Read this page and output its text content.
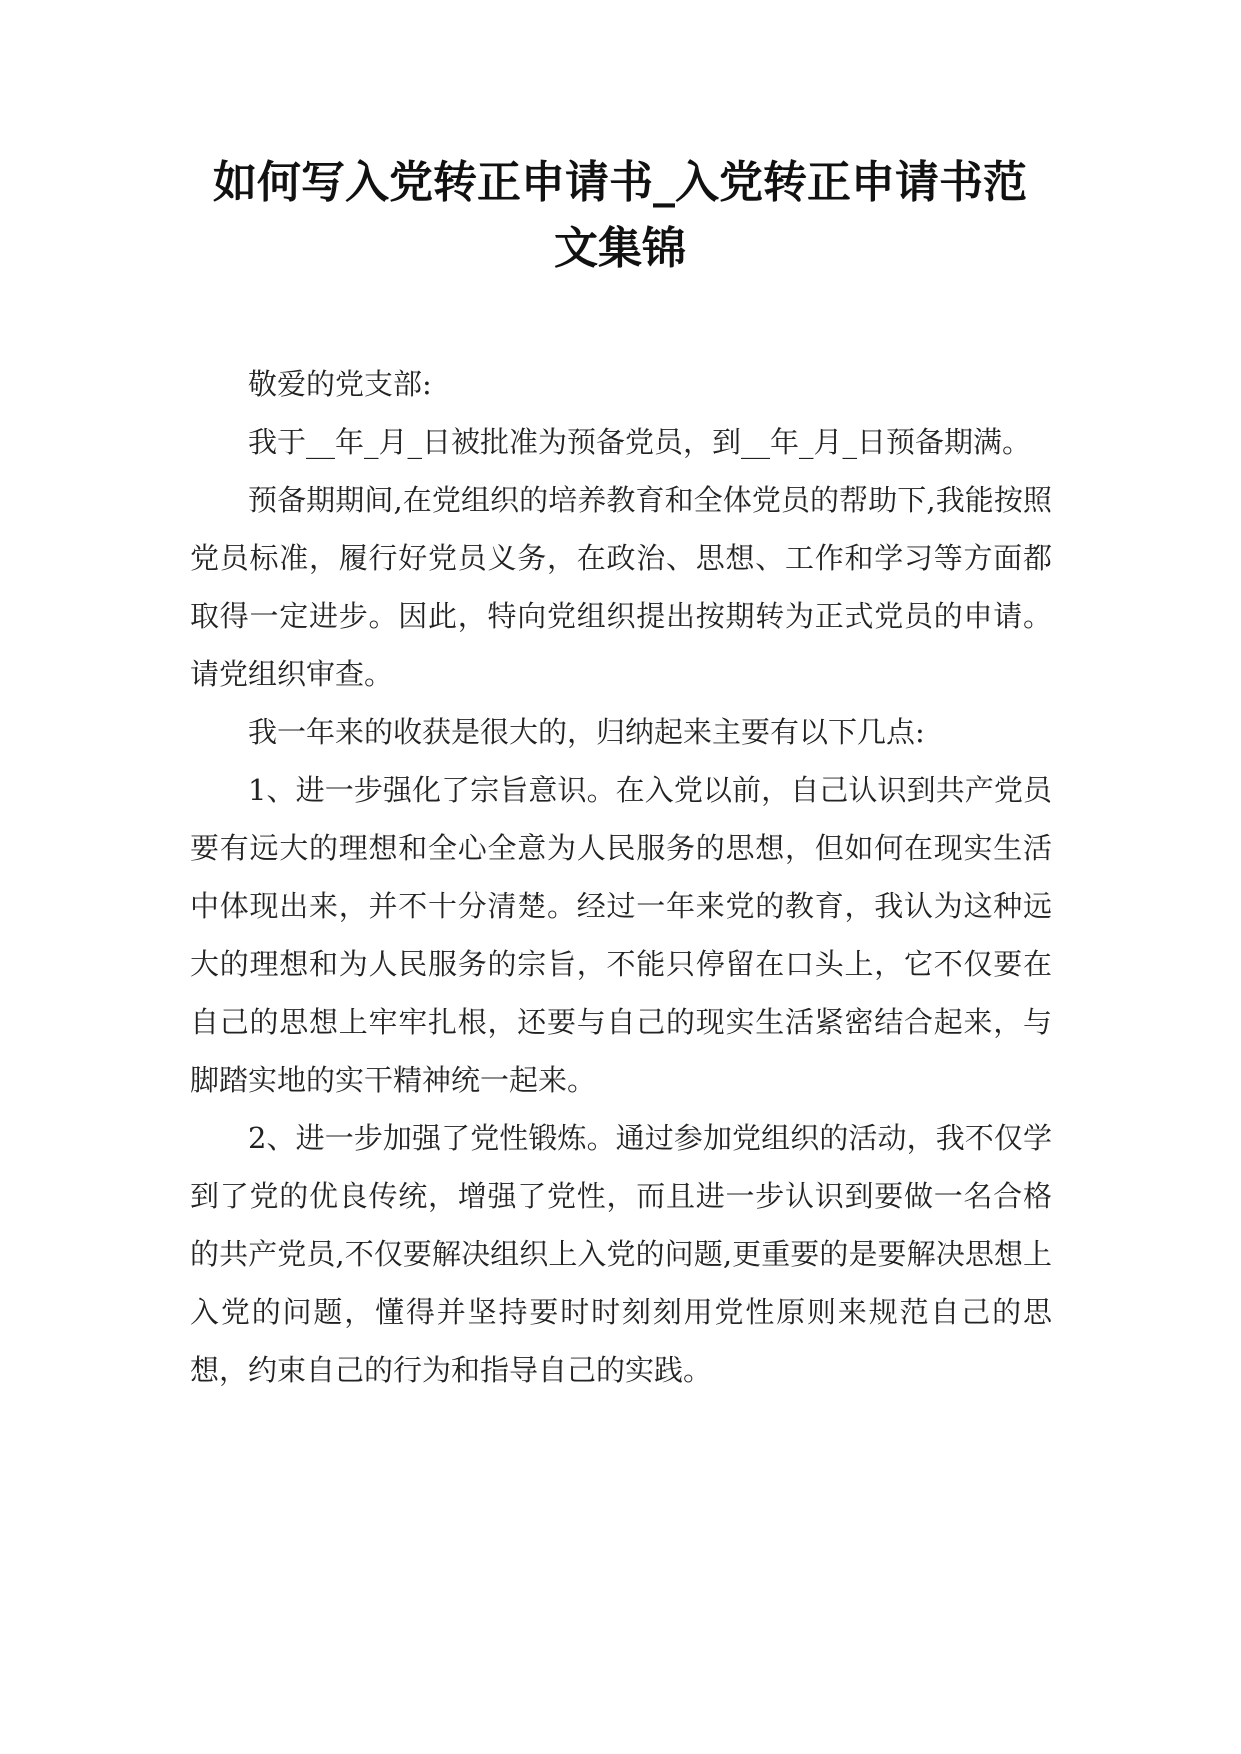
如何写入党转正申请书_入党转正申请书范
文集锦

敬爱的党支部:

我于__年_月_日被批准为预备党员，到__年_月_日预备期满。

预备期期间,在党组织的培养教育和全体党员的帮助下,我能按照党员标准，履行好党员义务，在政治、思想、工作和学习等方面都取得一定进步。因此，特向党组织提出按期转为正式党员的申请。请党组织审查。

我一年来的收获是很大的，归纳起来主要有以下几点:

1、进一步强化了宗旨意识。在入党以前，自己认识到共产党员要有远大的理想和全心全意为人民服务的思想，但如何在现实生活中体现出来，并不十分清楚。经过一年来党的教育，我认为这种远大的理想和为人民服务的宗旨，不能只停留在口头上，它不仅要在自己的思想上牢牢扎根，还要与自己的现实生活紧密结合起来，与脚踏实地的实干精神统一起来。

2、进一步加强了党性锻炼。通过参加党组织的活动，我不仅学到了党的优良传统，增强了党性，而且进一步认识到要做一名合格的共产党员,不仅要解决组织上入党的问题,更重要的是要解决思想上入党的问题，懂得并坚持要时时刻刻用党性原则来规范自己的思想，约束自己的行为和指导自己的实践。
